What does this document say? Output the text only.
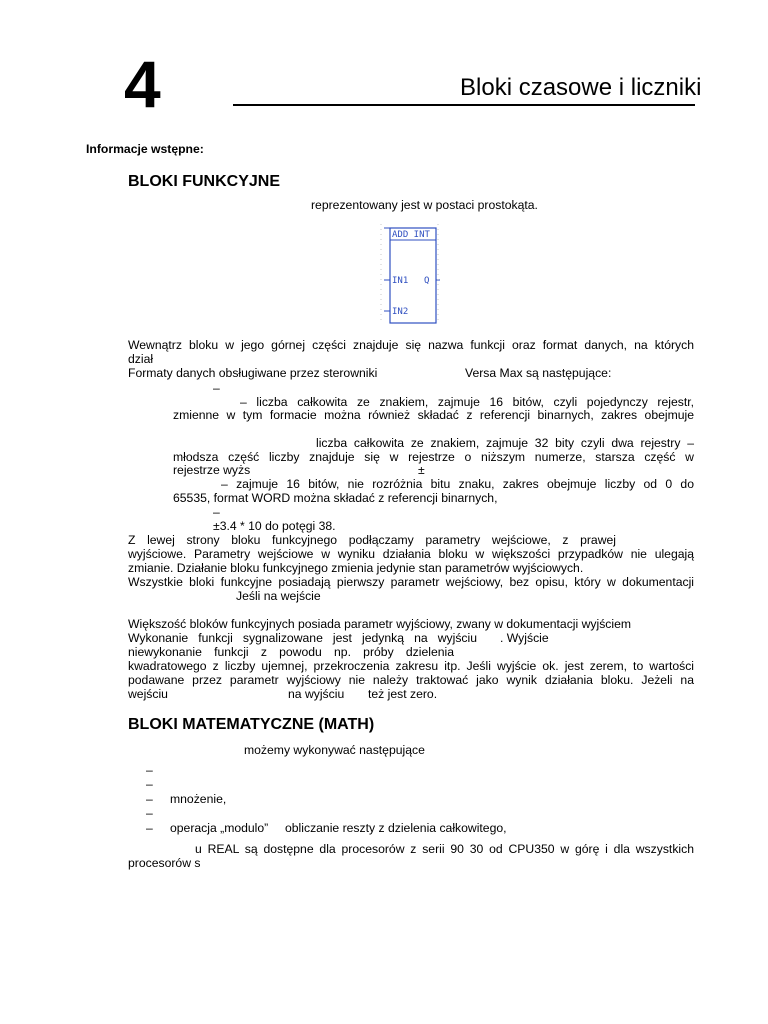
4	Bloki czasowe i liczniki
Informacje wstępne:
BLOKI FUNKCYJNE
reprezentowany jest w postaci prostokąta.
ADD INT
IN1 Q
IN2
Wewnątrz bloku w jego górnej części znajduje się nazwa funkcji oraz format danych, na których
dział
Formaty danych obsługiwane przez sterowniki	Versa Max są następujące:
–
– liczba całkowita ze znakiem, zajmuje 16 bitów, czyli pojedynczy rejestr,
zmienne w tym formacie można również składać z referencji binarnych, zakres obejmuje
liczba całkowita ze znakiem, zajmuje 32 bity czyli dwa rejestry –
młodsza część liczby znajduje się w rejestrze o niższym numerze, starsza część w
rejestrze wyżs	±
– zajmuje 16 bitów, nie rozróżnia bitu znaku, zakres obejmuje liczby od 0 do
65535, format WORD można składać z referencji binarnych,
–
±3.4 * 10 do potęgi 38.
Z lewej strony bloku funkcyjnego podłączamy parametry wejściowe, z prawej
wyjściowe. Parametry wejściowe w wyniku działania bloku w większości przypadków nie ulegają
zmianie. Działanie bloku funkcyjnego zmienia jedynie stan parametrów wyjściowych.
Wszystkie bloki funkcyjne posiadają pierwszy parametr wejściowy, bez opisu, który w dokumentacji
Jeśli na wejście
Większość bloków funkcyjnych posiada parametr wyjściowy, zwany w dokumentacji wyjściem
Wykonanie funkcji sygnalizowane jest jedynką na wyjściu . Wyjście
niewykonanie funkcji z powodu np. próby dzielenia
kwadratowego z liczby ujemnej, przekroczenia zakresu itp. Jeśli wyjście ok. jest zerem, to wartości
podawane przez parametr wyjściowy nie należy traktować jako wynik działania bloku. Jeżeli na
wejściu	na wyjściu też jest zero.
BLOKI MATEMATYCZNE (MATH)
możemy wykonywać następujące
–
–
– mnożenie,
–
– operacja „modulo” obliczanie reszty z dzielenia całkowitego,
u REAL są dostępne dla procesorów z serii 90 30 od CPU350 w górę i dla wszystkich
procesorów s
